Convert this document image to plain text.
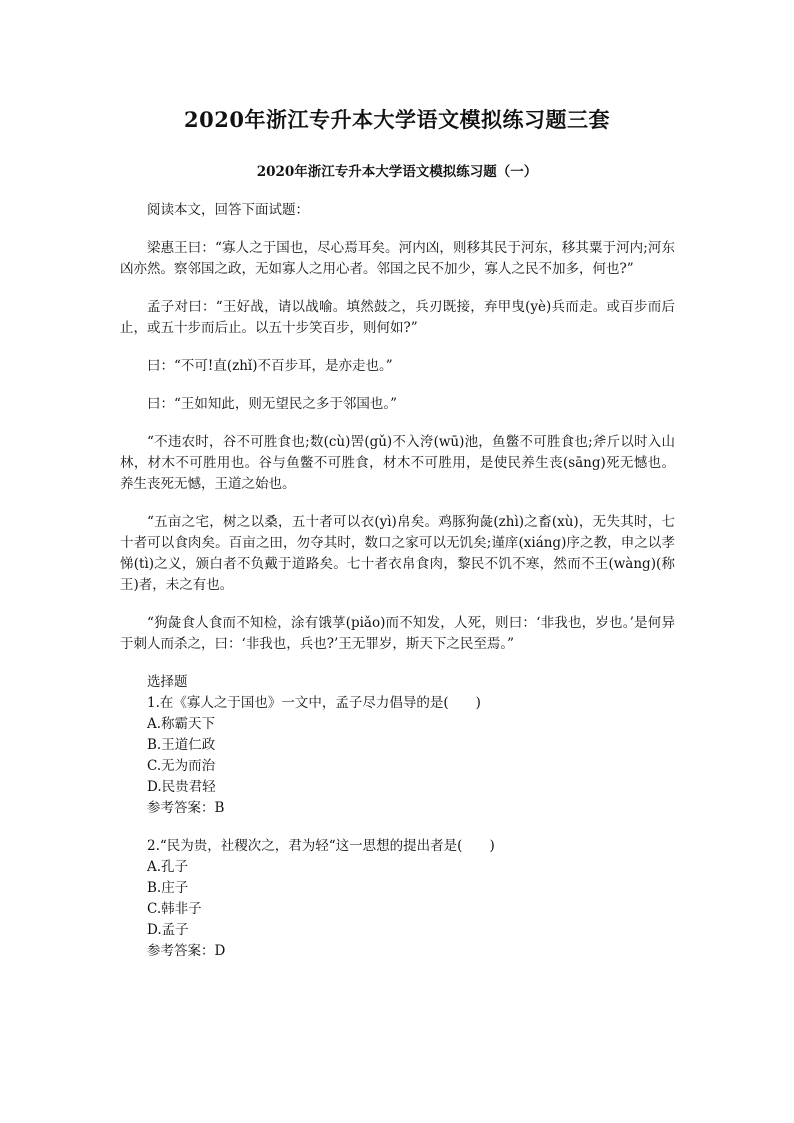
2020年浙江专升本大学语文模拟练习题三套
2020年浙江专升本大学语文模拟练习题（一）

阅读本文，回答下面试题：

梁惠王曰：“寡人之于国也，尽心焉耳矣。河内凶，则移其民于河东，移其粟于河内;河东凶亦然。察邻国之政，无如寡人之用心者。邻国之民不加少，寡人之民不加多，何也?”

孟子对曰：“王好战，请以战喻。填然鼓之，兵刃既接，弃甲曳(yè)兵而走。或百步而后止，或五十步而后止。以五十步笑百步，则何如?”

曰：“不可!直(zhǐ)不百步耳，是亦走也。”

曰：“王如知此，则无望民之多于邻国也。”

“不违农时，谷不可胜食也;数(cù)罟(gǔ)不入洿(wū)池，鱼鳖不可胜食也;斧斤以时入山林，材木不可胜用也。谷与鱼鳖不可胜食，材木不可胜用，是使民养生丧(sāng)死无憾也。养生丧死无憾，王道之始也。

“五亩之宅，树之以桑，五十者可以衣(yì)帛矣。鸡豚狗彘(zhì)之畜(xù)，无失其时，七十者可以食肉矣。百亩之田，勿夺其时，数口之家可以无饥矣;谨庠(xiáng)序之教，申之以孝悌(tì)之义，颁白者不负戴于道路矣。七十者衣帛食肉，黎民不饥不寒，然而不王(wàng)(称王)者，未之有也。

“狗彘食人食而不知检，涂有饿莩(piǎo)而不知发，人死，则曰：‘非我也，岁也。’是何异于刺人而杀之，曰：‘非我也，兵也?’王无罪岁，斯天下之民至焉。”

选择题
1.在《寡人之于国也》一文中，孟子尽力倡导的是(　　)
A.称霸天下
B.王道仁政
C.无为而治
D.民贵君轻
参考答案：B
2.“民为贵，社稷次之，君为轻“这一思想的提出者是(　　)
A.孔子
B.庄子
C.韩非子
D.孟子
参考答案：D
